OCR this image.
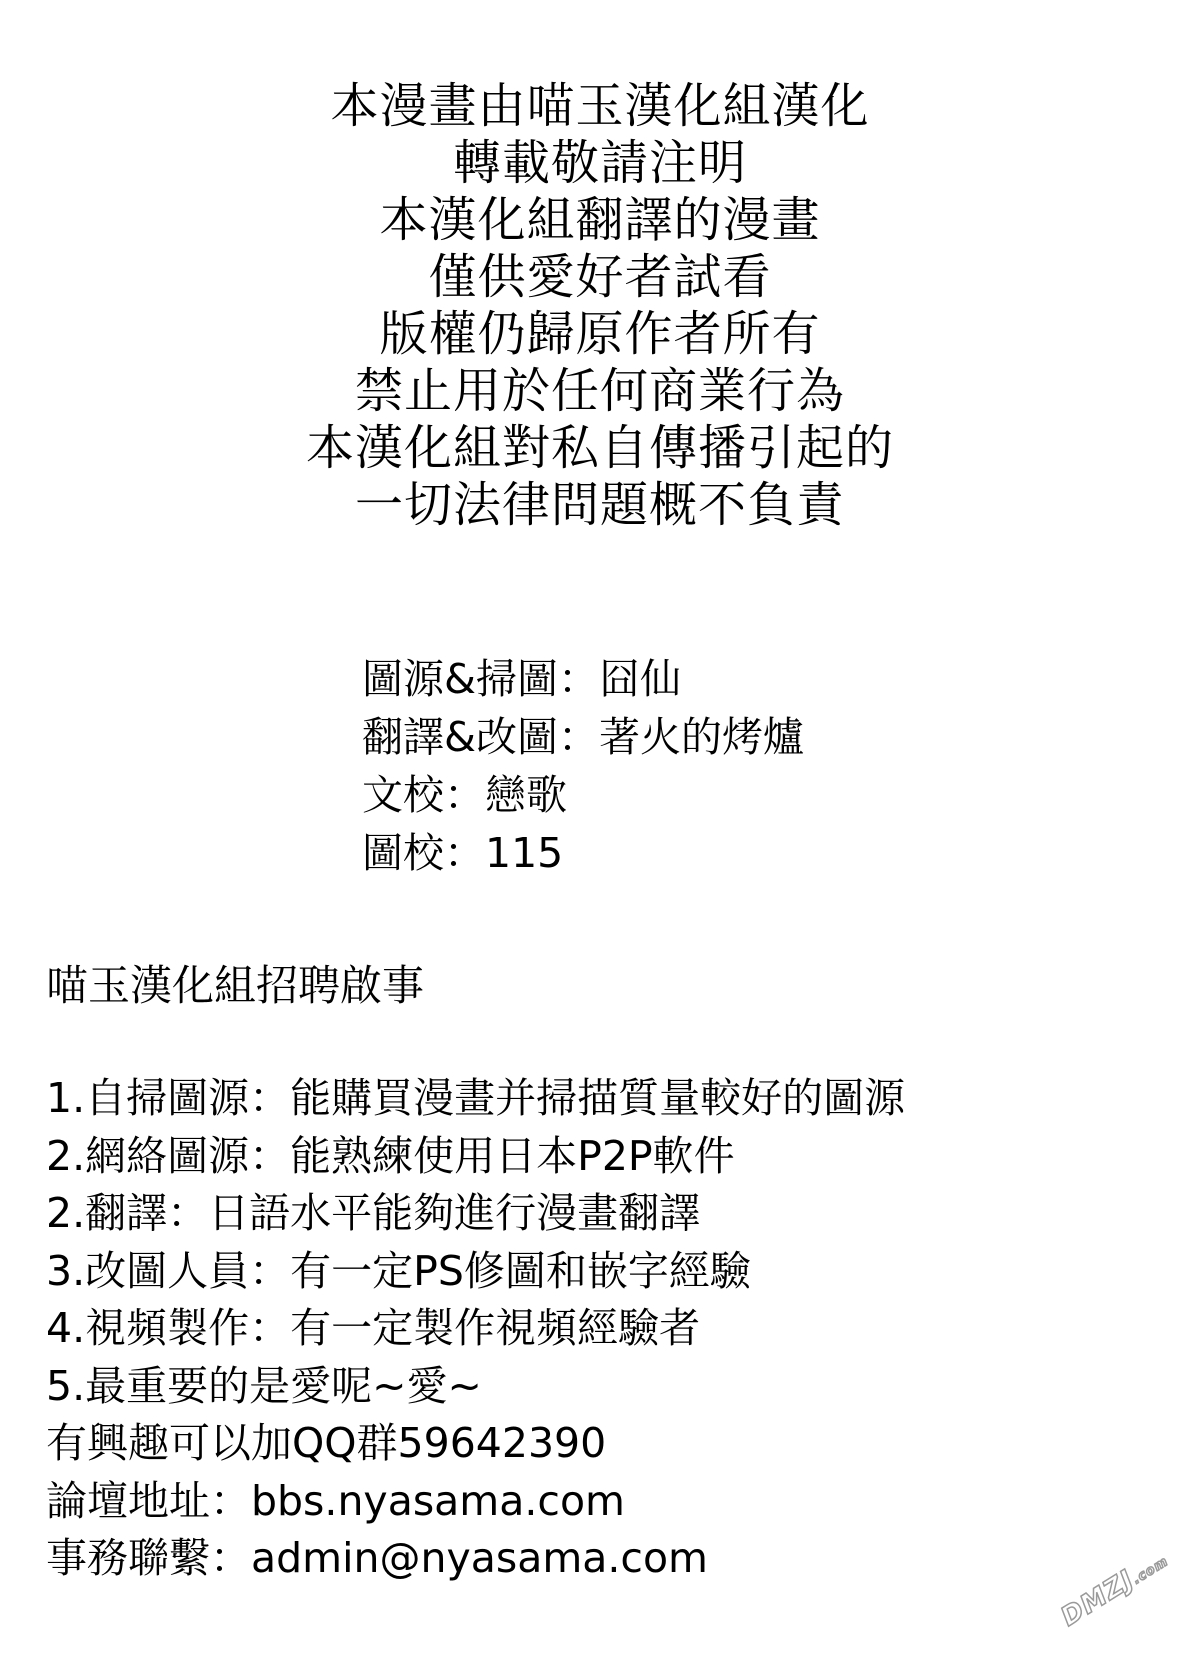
本漫畫由喵玉漢化組漢化
轉載敬請注明
本漢化組翻譯的漫畫
僅供愛好者試看
版權仍歸原作者所有
禁止用於任何商業行為
本漢化組對私自傳播引起的
一切法律問題概不負責
圖源&掃圖：囧仙
翻譯&改圖：著火的烤爐
文校：戀歌
圖校：115
喵玉漢化組招聘啟事
1.自掃圖源：能購買漫畫并掃描質量較好的圖源
2.網絡圖源：能熟練使用日本P2P軟件
2.翻譯：日語水平能夠進行漫畫翻譯
3.改圖人員：有一定PS修圖和嵌字經驗
4.視頻製作：有一定製作視頻經驗者
5.最重要的是愛呢~愛~
有興趣可以加QQ群59642390
論壇地址：bbs.nyasama.com
事務聯繫：admin@nyasama.com
DMZJ.com
